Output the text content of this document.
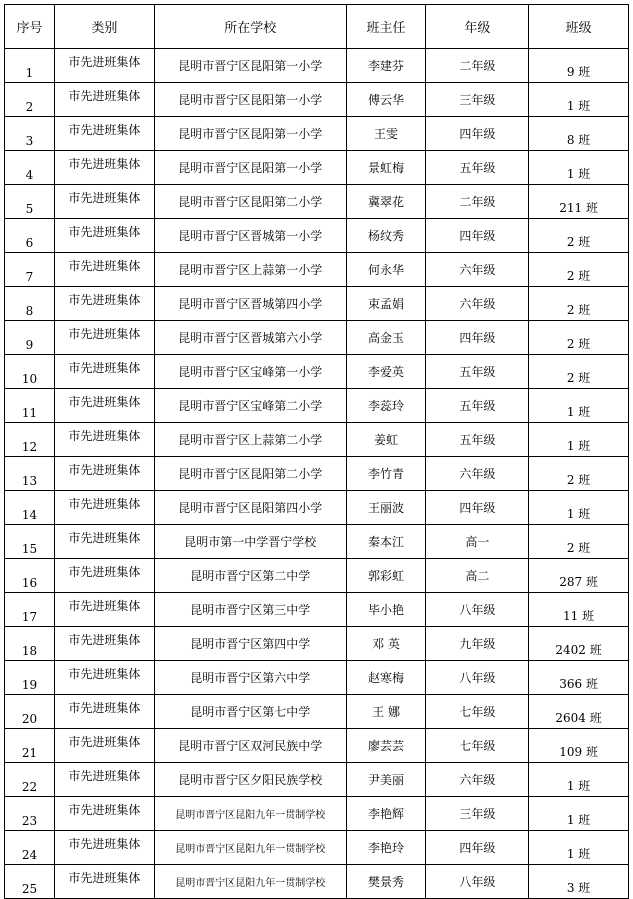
序号	类别	所在学校	班主任	年级	班级
1	市先进班集体	昆明市晋宁区昆阳第一小学	李建芬	二年级	9 班
2	市先进班集体	昆明市晋宁区昆阳第一小学	傅云华	三年级	1 班
3	市先进班集体	昆明市晋宁区昆阳第一小学	王雯	四年级	8 班
4	市先进班集体	昆明市晋宁区昆阳第一小学	景虹梅	五年级	1 班
5	市先进班集体	昆明市晋宁区昆阳第二小学	冀翠花	二年级	211 班
6	市先进班集体	昆明市晋宁区晋城第一小学	杨纹秀	四年级	2 班
7	市先进班集体	昆明市晋宁区上蒜第一小学	何永华	六年级	2 班
8	市先进班集体	昆明市晋宁区晋城第四小学	束孟娟	六年级	2 班
9	市先进班集体	昆明市晋宁区晋城第六小学	高金玉	四年级	2 班
10	市先进班集体	昆明市晋宁区宝峰第一小学	李爱英	五年级	2 班
11	市先进班集体	昆明市晋宁区宝峰第二小学	李蕊玲	五年级	1 班
12	市先进班集体	昆明市晋宁区上蒜第二小学	姜虹	五年级	1 班
13	市先进班集体	昆明市晋宁区昆阳第二小学	李竹青	六年级	2 班
14	市先进班集体	昆明市晋宁区昆阳第四小学	王丽波	四年级	1 班
15	市先进班集体	昆明市第一中学晋宁学校	秦本江	高一	2 班
16	市先进班集体	昆明市晋宁区第二中学	郭彩虹	高二	287 班
17	市先进班集体	昆明市晋宁区第三中学	毕小艳	八年级	11 班
18	市先进班集体	昆明市晋宁区第四中学	邓 英	九年级	2402 班
19	市先进班集体	昆明市晋宁区第六中学	赵寒梅	八年级	366 班
20	市先进班集体	昆明市晋宁区第七中学	王 娜	七年级	2604 班
21	市先进班集体	昆明市晋宁区双河民族中学	廖芸芸	七年级	109 班
22	市先进班集体	昆明市晋宁区夕阳民族学校	尹美丽	六年级	1 班
23	市先进班集体	昆明市晋宁区昆阳九年一贯制学校	李艳辉	三年级	1 班
24	市先进班集体	昆明市晋宁区昆阳九年一贯制学校	李艳玲	四年级	1 班
25	市先进班集体	昆明市晋宁区昆阳九年一贯制学校	樊景秀	八年级	3 班
